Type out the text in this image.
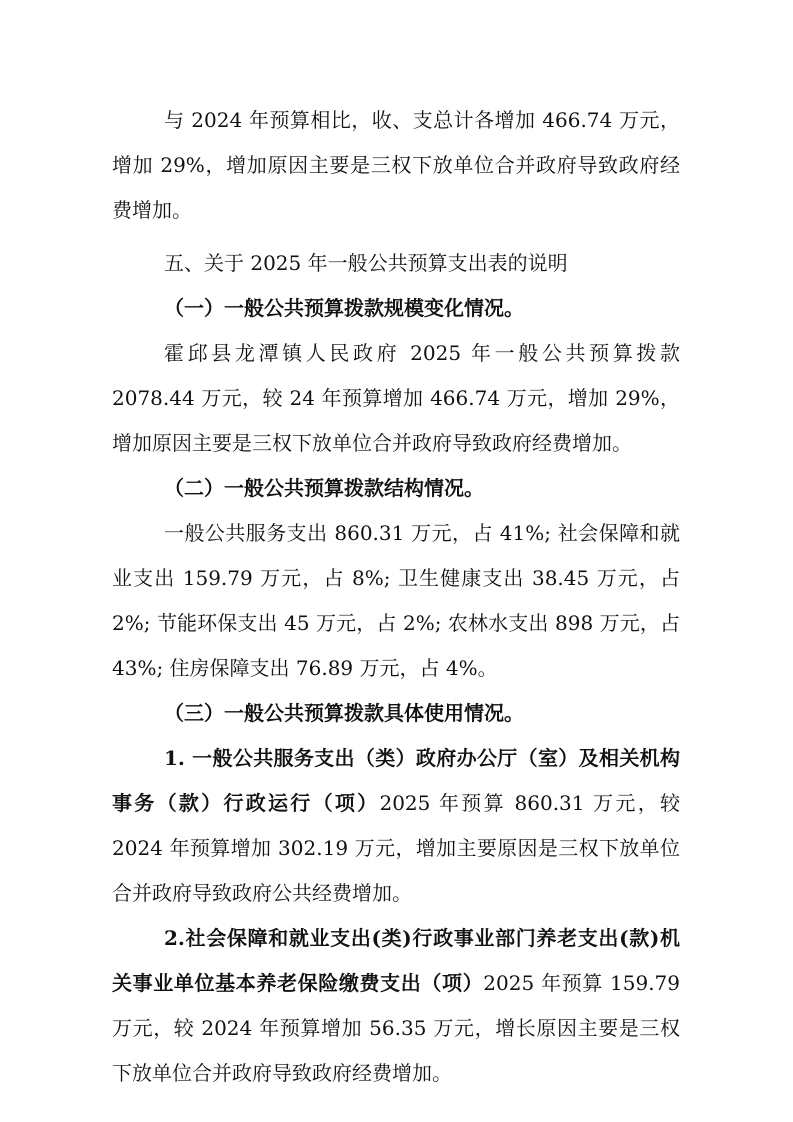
与 2024 年预算相比，收、支总计各增加 466.74 万元，增加 29%，增加原因主要是三权下放单位合并政府导致政府经费增加。

五、关于 2025 年一般公共预算支出表的说明

（一）一般公共预算拨款规模变化情况。

霍邱县龙潭镇人民政府 2025 年一般公共预算拨款 2078.44 万元，较 24 年预算增加 466.74 万元，增加 29%，增加原因主要是三权下放单位合并政府导致政府经费增加。

（二）一般公共预算拨款结构情况。

一般公共服务支出 860.31 万元，占 41%; 社会保障和就业支出 159.79 万元，占 8%; 卫生健康支出 38.45 万元，占 2%; 节能环保支出 45 万元，占 2%; 农林水支出 898 万元，占 43%; 住房保障支出 76.89 万元，占 4%。

（三）一般公共预算拨款具体使用情况。

1. 一般公共服务支出（类）政府办公厅（室）及相关机构事务（款）行政运行（项）2025 年预算 860.31 万元，较 2024 年预算增加 302.19 万元，增加主要原因是三权下放单位合并政府导致政府公共经费增加。

2.社会保障和就业支出(类)行政事业部门养老支出(款)机关事业单位基本养老保险缴费支出（项）2025 年预算 159.79 万元，较 2024 年预算增加 56.35 万元，增长原因主要是三权下放单位合并政府导致政府经费增加。
